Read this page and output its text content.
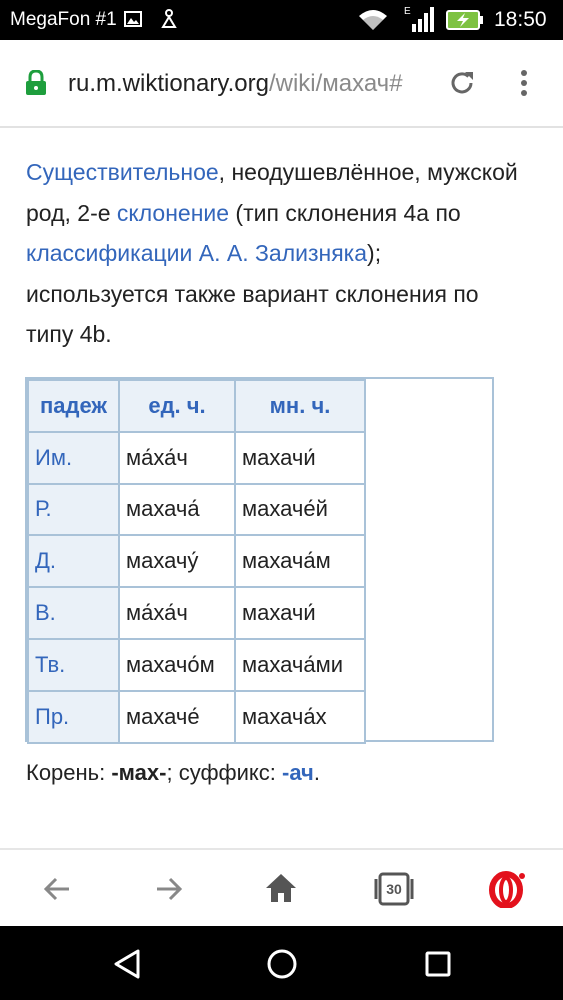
MegaFon #1	E	18:50
ru.m.wiktionary.org/wiki/махач#

Существительное, неодушевлённое, мужской род, 2-е склонение (тип склонения 4a по классификации А. А. Зализняка); используется также вариант склонения по типу 4b.

падеж	ед. ч.	мн. ч.
Им.	ма́ха́ч	махачи́
Р.	махача́	махаче́й
Д.	махачу́	махача́м
В.	ма́ха́ч	махачи́
Тв.	махачо́м	махача́ми
Пр.	махаче́	махача́х

Корень: -мах-; суффикс: -ач.

30
